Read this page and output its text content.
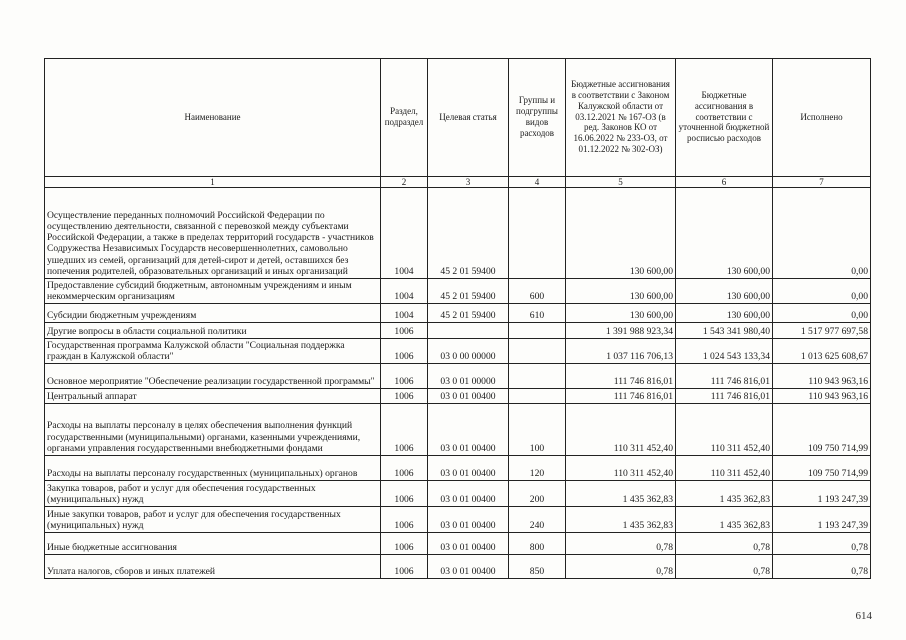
Наименование	Раздел, подраздел	Целевая статья	Группы и подгруппы видов расходов	Бюджетные ассигнования в соответствии с Законом Калужской области от 03.12.2021 № 167-ОЗ (в ред. Законов КО от 16.06.2022 № 233-ОЗ, от 01.12.2022 № 302-ОЗ)	Бюджетные ассигнования в соответствии с уточненной бюджетной росписью расходов	Исполнено
1	2	3	4	5	6	7
Осуществление переданных полномочий Российской Федерации по осуществлению деятельности, связанной с перевозкой между субъектами Российской Федерации, а также в пределах территорий государств - участников Содружества Независимых Государств несовершеннолетних, самовольно ушедших из семей, организаций для детей-сирот и детей, оставшихся без попечения родителей, образовательных организаций и иных организаций	1004	45 2 01 59400		130 600,00	130 600,00	0,00
Предоставление субсидий бюджетным, автономным учреждениям и иным некоммерческим организациям	1004	45 2 01 59400	600	130 600,00	130 600,00	0,00
Субсидии бюджетным учреждениям	1004	45 2 01 59400	610	130 600,00	130 600,00	0,00
Другие вопросы в области социальной политики	1006			1 391 988 923,34	1 543 341 980,40	1 517 977 697,58
Государственная программа Калужской области "Социальная поддержка граждан в Калужской области"	1006	03 0 00 00000		1 037 116 706,13	1 024 543 133,34	1 013 625 608,67
Основное мероприятие "Обеспечение реализации государственной программы"	1006	03 0 01 00000		111 746 816,01	111 746 816,01	110 943 963,16
Центральный аппарат	1006	03 0 01 00400		111 746 816,01	111 746 816,01	110 943 963,16
Расходы на выплаты персоналу в целях обеспечения выполнения функций государственными (муниципальными) органами, казенными учреждениями, органами управления государственными внебюджетными фондами	1006	03 0 01 00400	100	110 311 452,40	110 311 452,40	109 750 714,99
Расходы на выплаты персоналу государственных (муниципальных) органов	1006	03 0 01 00400	120	110 311 452,40	110 311 452,40	109 750 714,99
Закупка товаров, работ и услуг для обеспечения государственных (муниципальных) нужд	1006	03 0 01 00400	200	1 435 362,83	1 435 362,83	1 193 247,39
Иные закупки товаров, работ и услуг для обеспечения государственных (муниципальных) нужд	1006	03 0 01 00400	240	1 435 362,83	1 435 362,83	1 193 247,39
Иные бюджетные ассигнования	1006	03 0 01 00400	800	0,78	0,78	0,78
Уплата налогов, сборов и иных платежей	1006	03 0 01 00400	850	0,78	0,78	0,78
614
